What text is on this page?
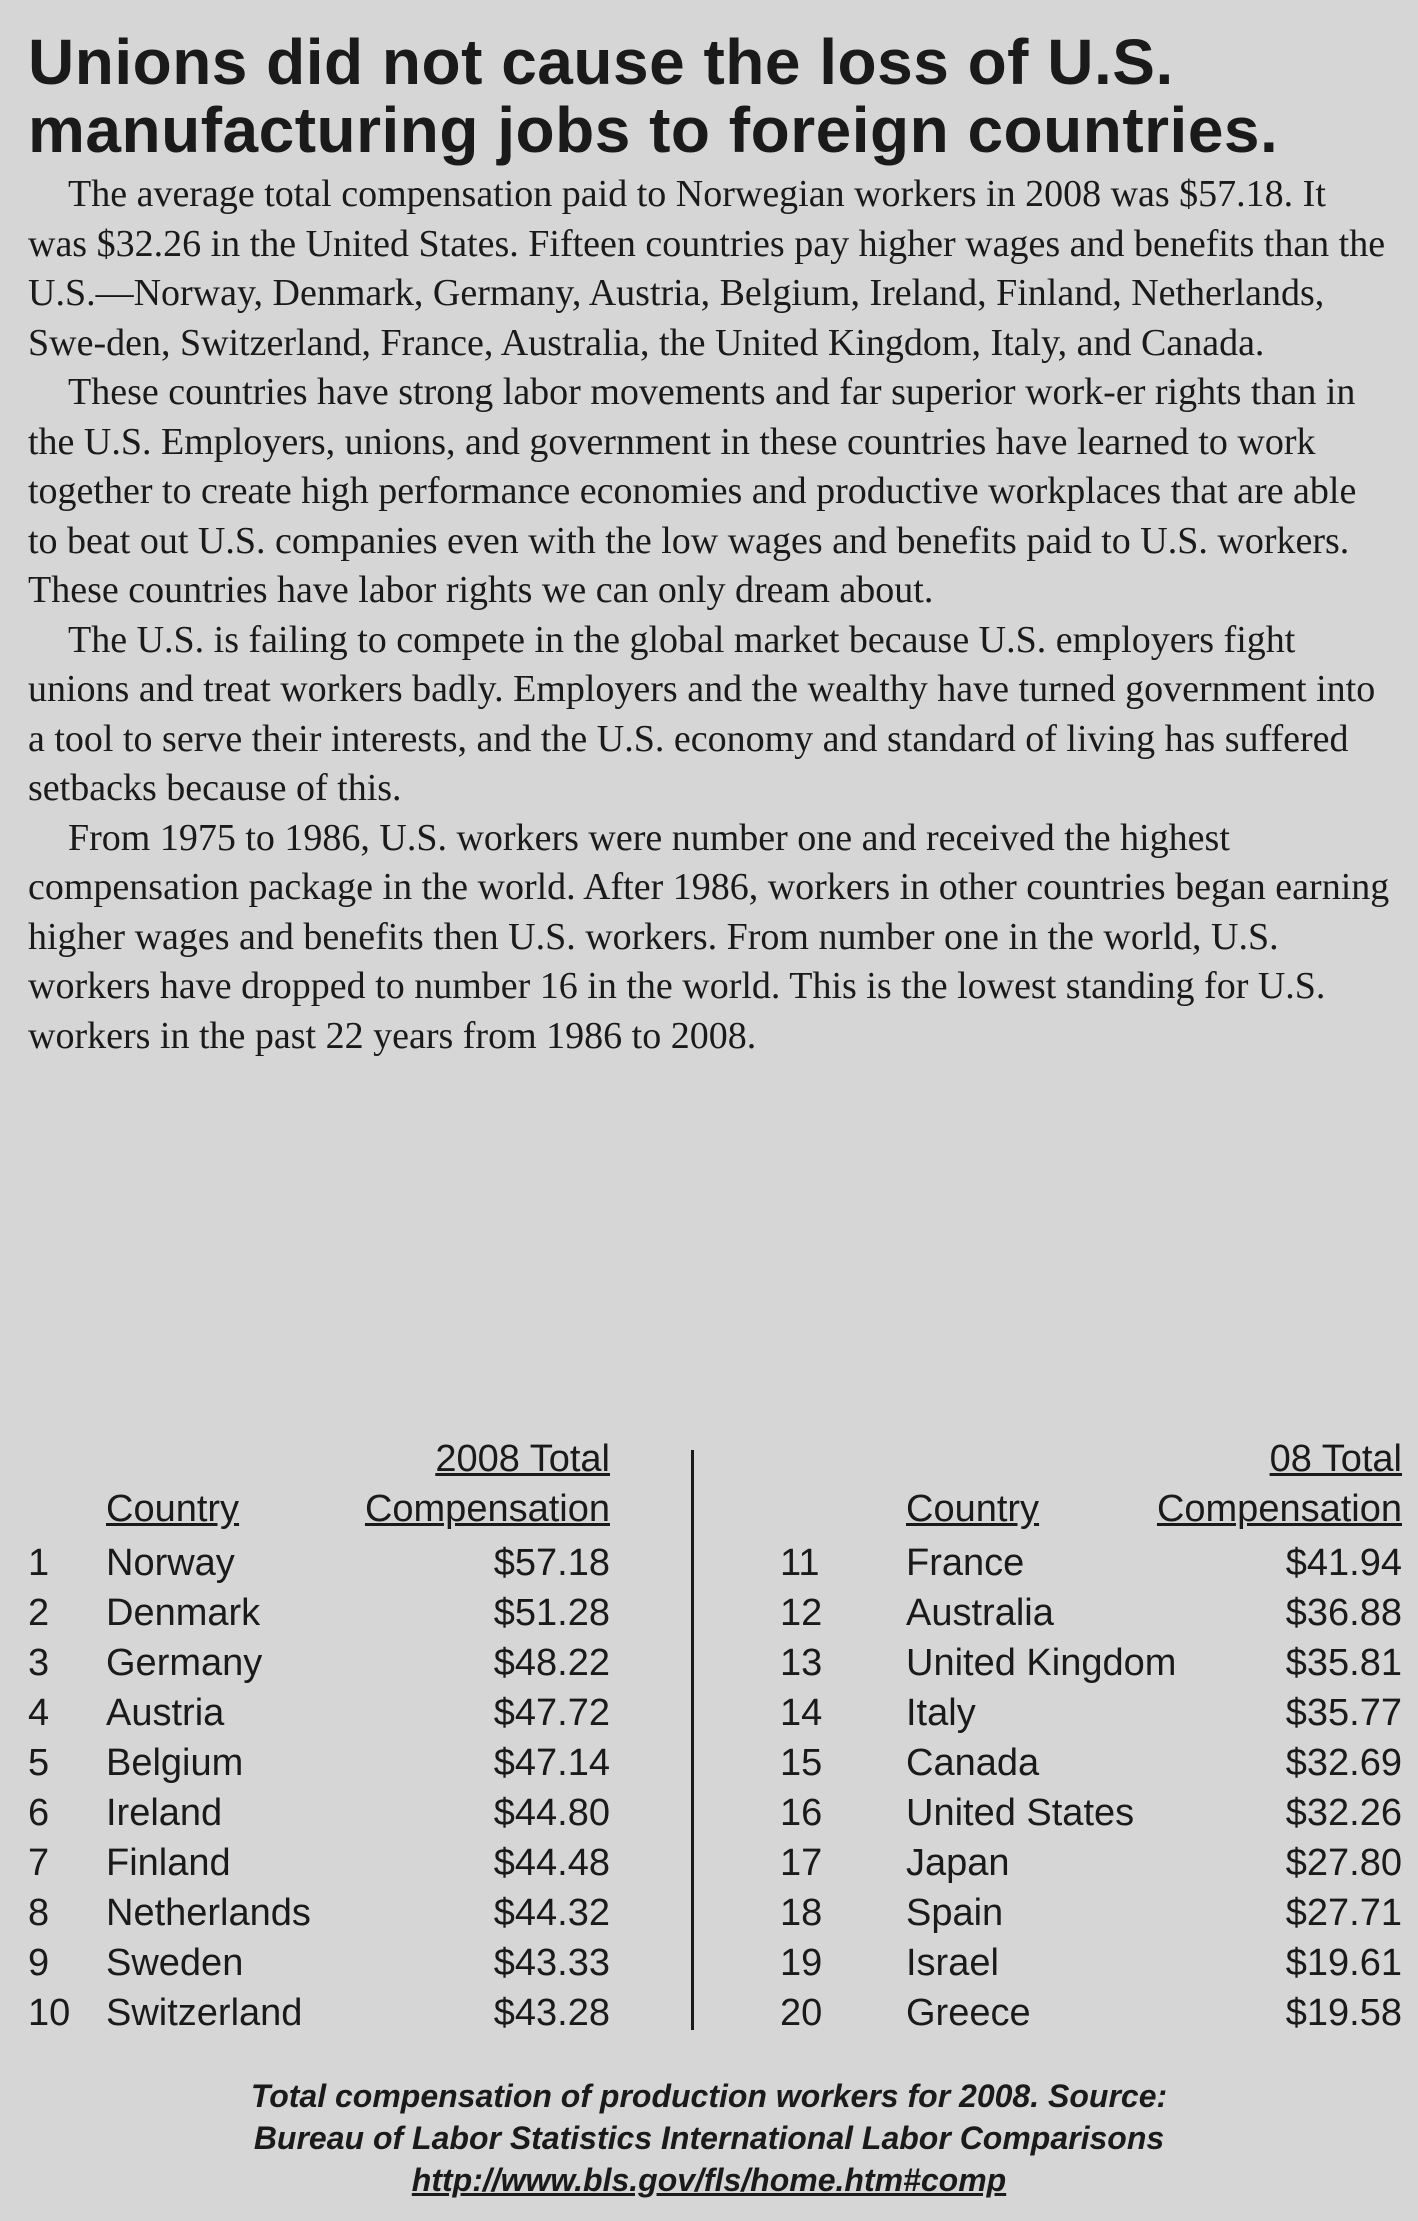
Unions did not cause the loss of U.S. manufacturing jobs to foreign countries.

The average total compensation paid to Norwegian workers in 2008 was $57.18. It was $32.26 in the United States. Fifteen countries pay higher wages and benefits than the U.S.—Norway, Denmark, Germany, Austria, Belgium, Ireland, Finland, Netherlands, Swe-den, Switzerland, France, Australia, the United Kingdom, Italy, and Canada.

These countries have strong labor movements and far superior work-er rights than in the U.S. Employers, unions, and government in these countries have learned to work together to create high performance economies and productive workplaces that are able to beat out U.S. companies even with the low wages and benefits paid to U.S. workers. These countries have labor rights we can only dream about.

The U.S. is failing to compete in the global market because U.S. employers fight unions and treat workers badly. Employers and the wealthy have turned government into a tool to serve their interests, and the U.S. economy and standard of living has suffered setbacks because of this.

From 1975 to 1986, U.S. workers were number one and received the highest compensation package in the world. After 1986, workers in other countries began earning higher wages and benefits then U.S. workers. From number one in the world, U.S. workers have dropped to number 16 in the world. This is the lowest standing for U.S. workers in the past 22 years from 1986 to 2008.

2008 Total
Country	Compensation
1 Norway	$57.18
2 Denmark	$51.28
3 Germany	$48.22
4 Austria	$47.72
5 Belgium	$47.14
6 Ireland	$44.80
7 Finland	$44.48
8 Netherlands	$44.32
9 Sweden	$43.33
10 Switzerland	$43.28
08 Total
Country	Compensation
11 France	$41.94
12 Australia	$36.88
13 United Kingdom	$35.81
14 Italy	$35.77
15 Canada	$32.69
16 United States	$32.26
17 Japan	$27.80
18 Spain	$27.71
19 Israel	$19.61
20 Greece	$19.58
Total compensation of production workers for 2008. Source:
Bureau of Labor Statistics International Labor Comparisons
http://www.bls.gov/fls/home.htm#comp
